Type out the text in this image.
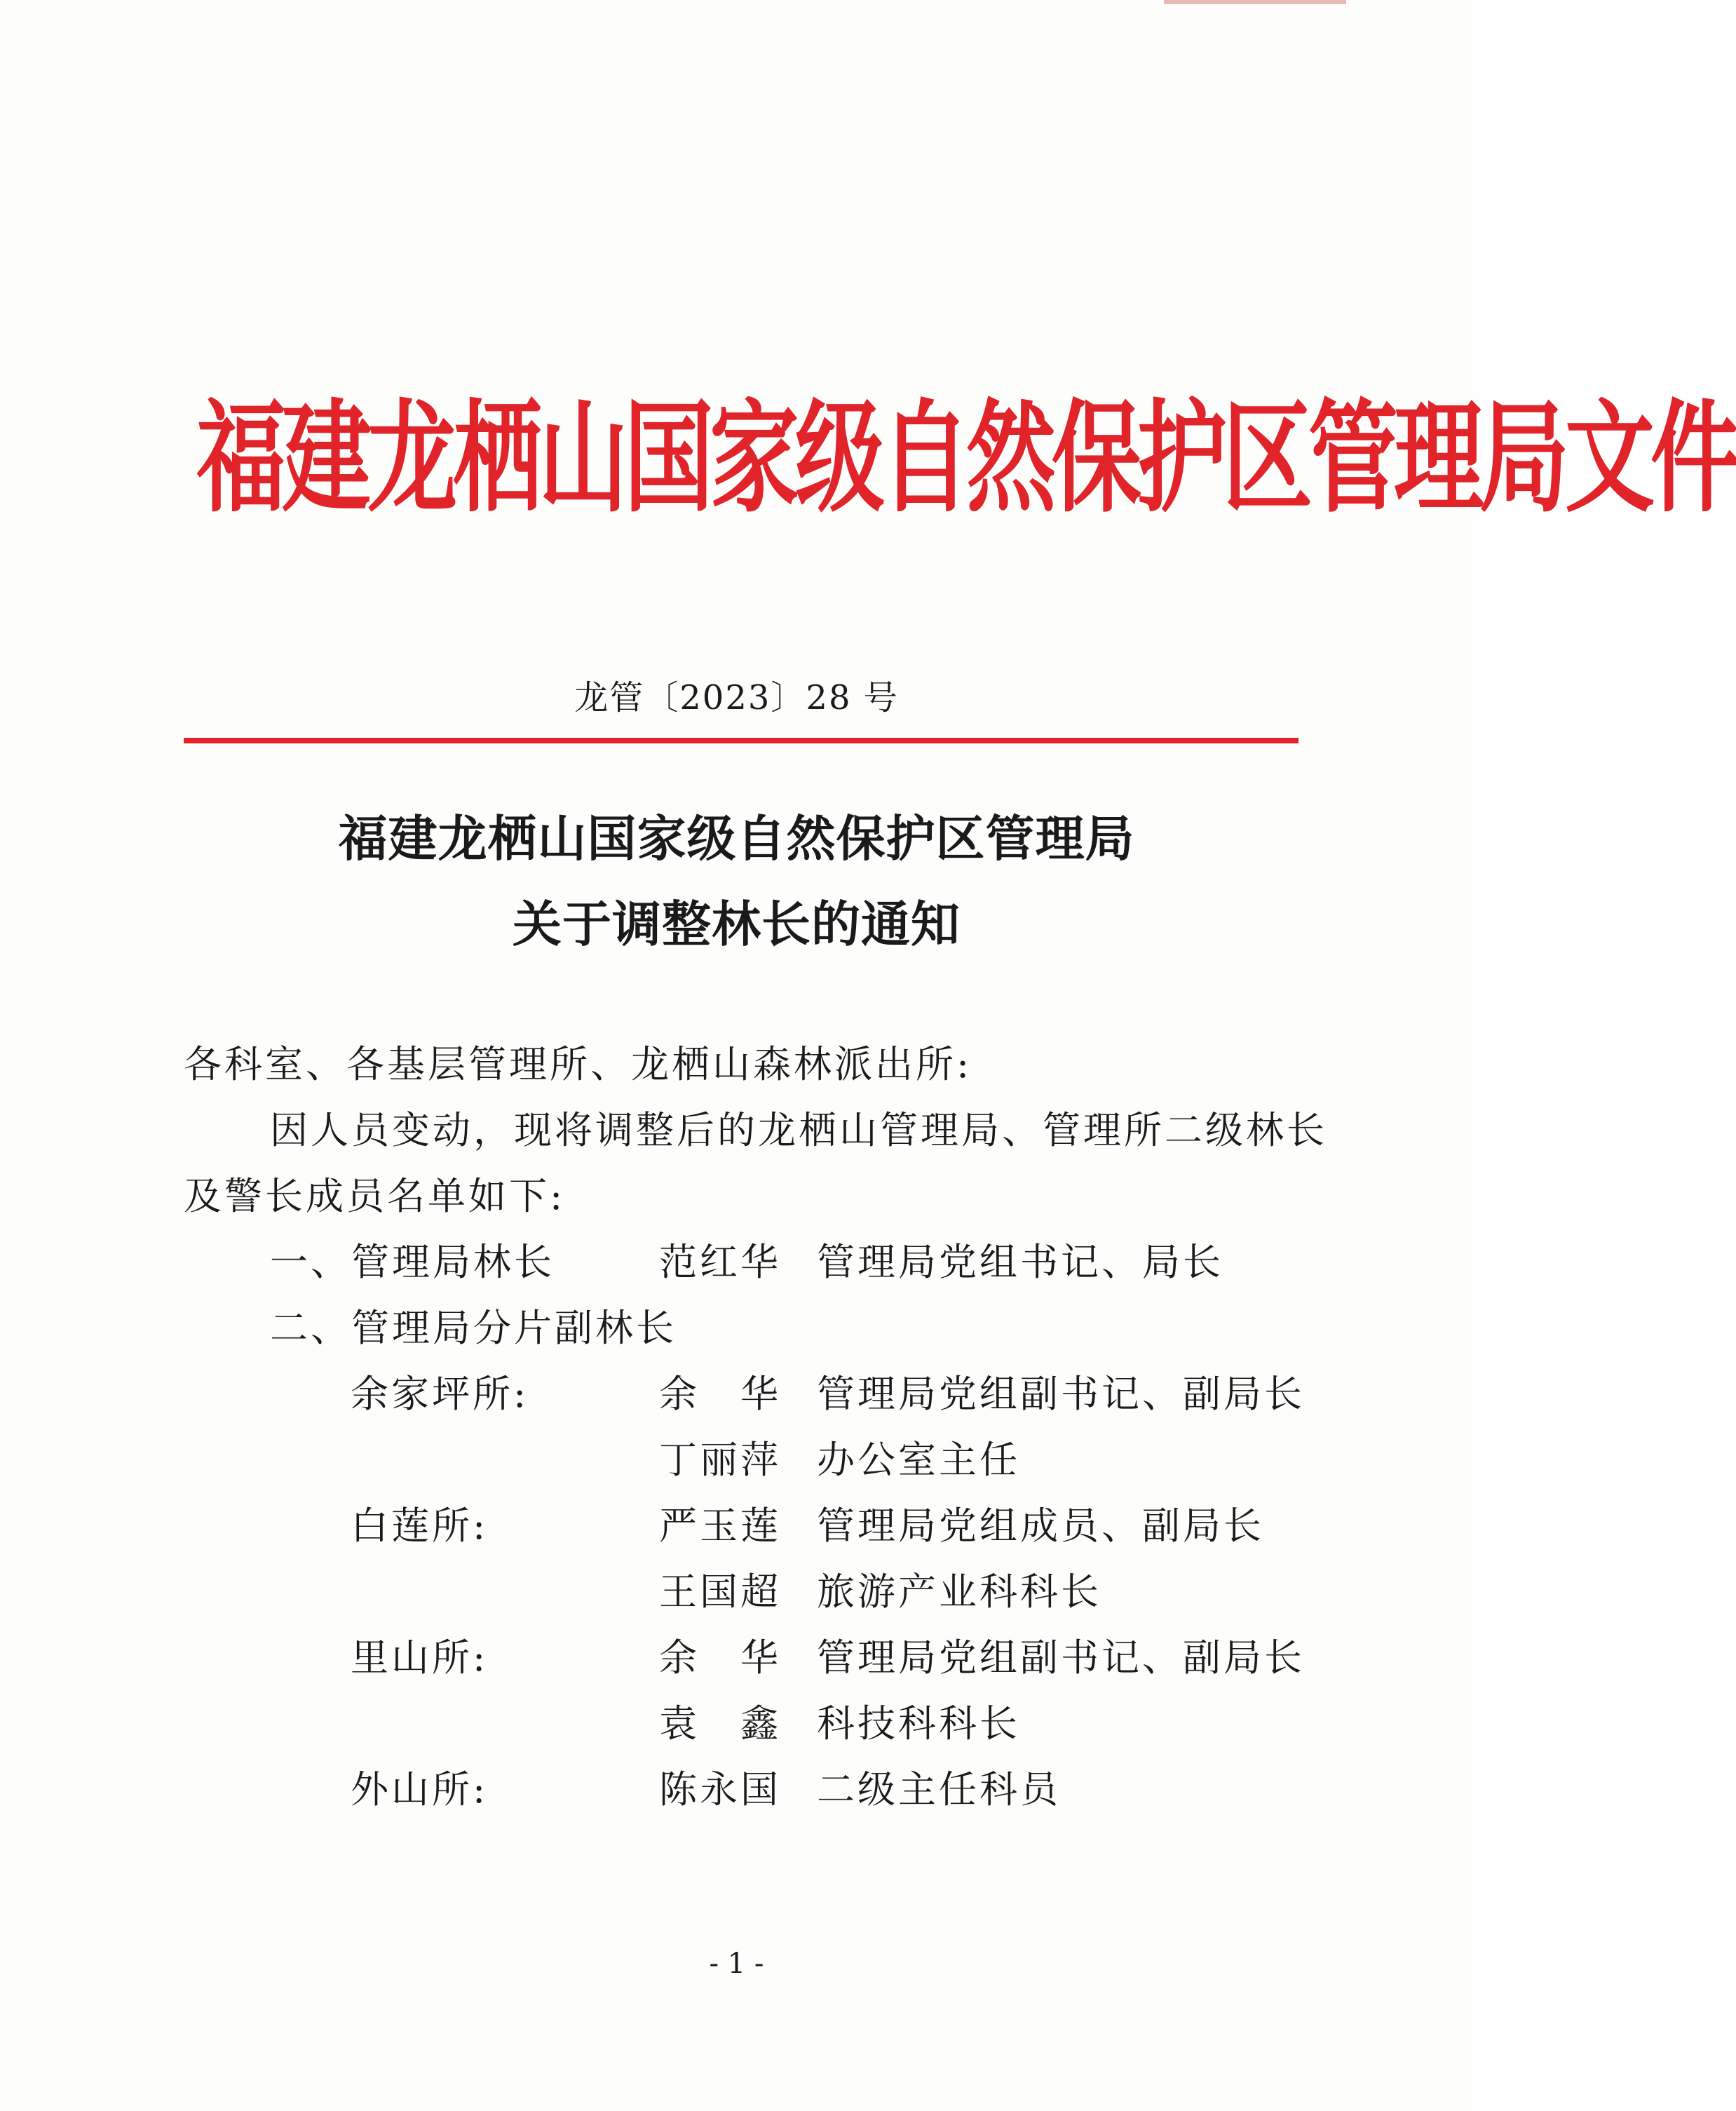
福建龙栖山国家级自然保护区管理局文件
龙管〔2023〕28 号
福建龙栖山国家级自然保护区管理局
关于调整林长的通知
各科室、各基层管理所、龙栖山森林派出所:
因人员变动，现将调整后的龙栖山管理局、管理所二级林长
及警长成员名单如下:
一、管理局林长	范红华 管理局党组书记、局长
二、管理局分片副林长
余家坪所:	余　华 管理局党组副书记、副局长
丁丽萍 办公室主任
白莲所:	严玉莲 管理局党组成员、副局长
王国超 旅游产业科科长
里山所:	余　华 管理局党组副书记、副局长
袁　鑫 科技科科长
外山所:	陈永国 二级主任科员
- 1 -
